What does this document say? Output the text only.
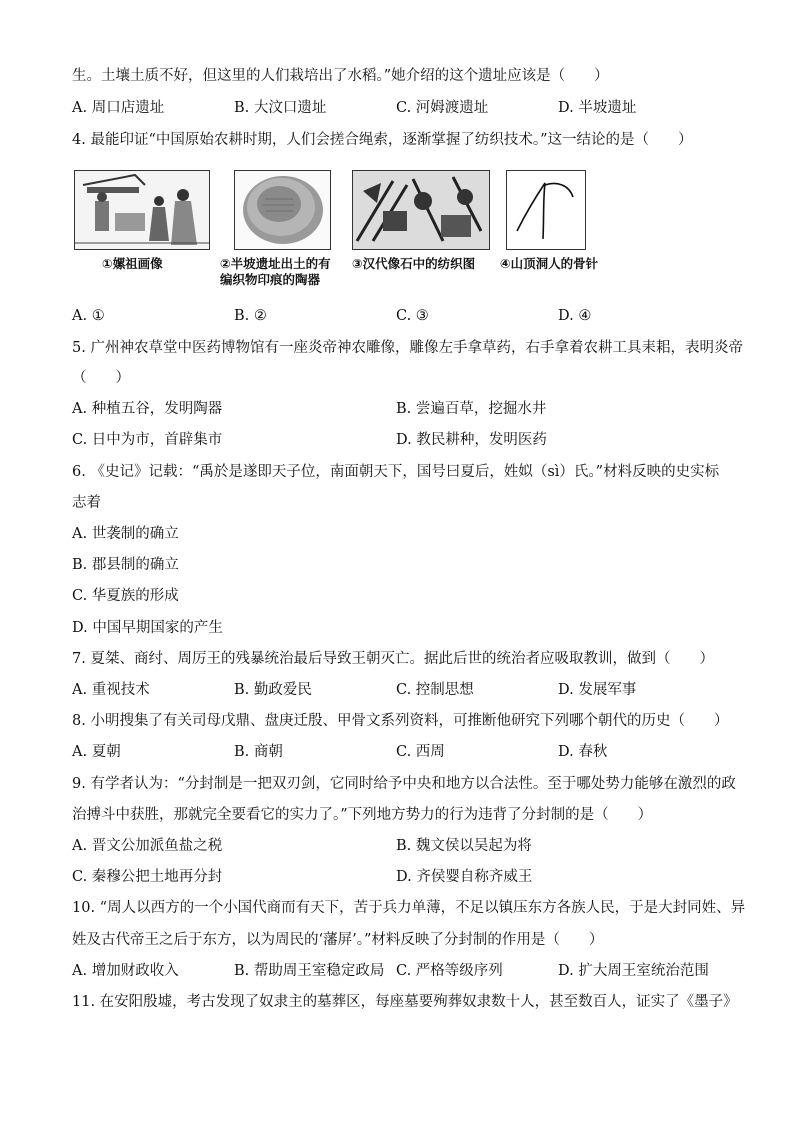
生。土壤土质不好，但这里的人们栽培出了水稻。”她介绍的这个遗址应该是（　　）
A. 周口店遗址	B. 大汶口遗址	C. 河姆渡遗址	D. 半坡遗址
4. 最能印证“中国原始农耕时期，人们会搓合绳索，逐渐掌握了纺织技术。”这一结论的是（　　）
①嫘祖画像	②半坡遗址出土的有
编织物印痕的陶器
③汉代像石中的纺织图 ④山顶洞人的骨针
A. ①	B. ②	C. ③	D. ④
5. 广州神农草堂中医药博物馆有一座炎帝神农雕像，雕像左手拿草药，右手拿着农耕工具耒耜，表明炎帝
（　　）
A. 种植五谷，发明陶器	B. 尝遍百草，挖掘水井
C. 日中为市，首辟集市	D. 教民耕种，发明医药
6. 《史记》记载：“禹於是遂即天子位，南面朝天下，国号曰夏后，姓姒（sì）氏。”材料反映的史实标
志着
A. 世袭制的确立
B. 郡县制的确立
C. 华夏族的形成
D. 中国早期国家的产生
7. 夏桀、商纣、周厉王的残暴统治最后导致王朝灭亡。据此后世的统治者应吸取教训，做到（　　）
A. 重视技术	B. 勤政爱民	C. 控制思想	D. 发展军事
8. 小明搜集了有关司母戊鼎、盘庚迁殷、甲骨文系列资料，可推断他研究下列哪个朝代的历史（　　）
A. 夏朝	B. 商朝	C. 西周	D. 春秋
9. 有学者认为：“分封制是一把双刃剑，它同时给予中央和地方以合法性。至于哪处势力能够在激烈的政
治搏斗中获胜，那就完全要看它的实力了。”下列地方势力的行为违背了分封制的是（　　）
A. 晋文公加派鱼盐之税	B. 魏文侯以吴起为将
C. 秦穆公把土地再分封	D. 齐侯婴自称齐威王
10. “周人以西方的一个小国代商而有天下，苦于兵力单薄，不足以镇压东方各族人民，于是大封同姓、异
姓及古代帝王之后于东方，以为周民的‘藩屏’。”材料反映了分封制的作用是（　　）
A. 增加财政收入	B. 帮助周王室稳定政局 C. 严格等级序列	D. 扩大周王室统治范围
11. 在安阳殷墟，考古发现了奴隶主的墓葬区，每座墓要殉葬奴隶数十人，甚至数百人，证实了《墨子》
